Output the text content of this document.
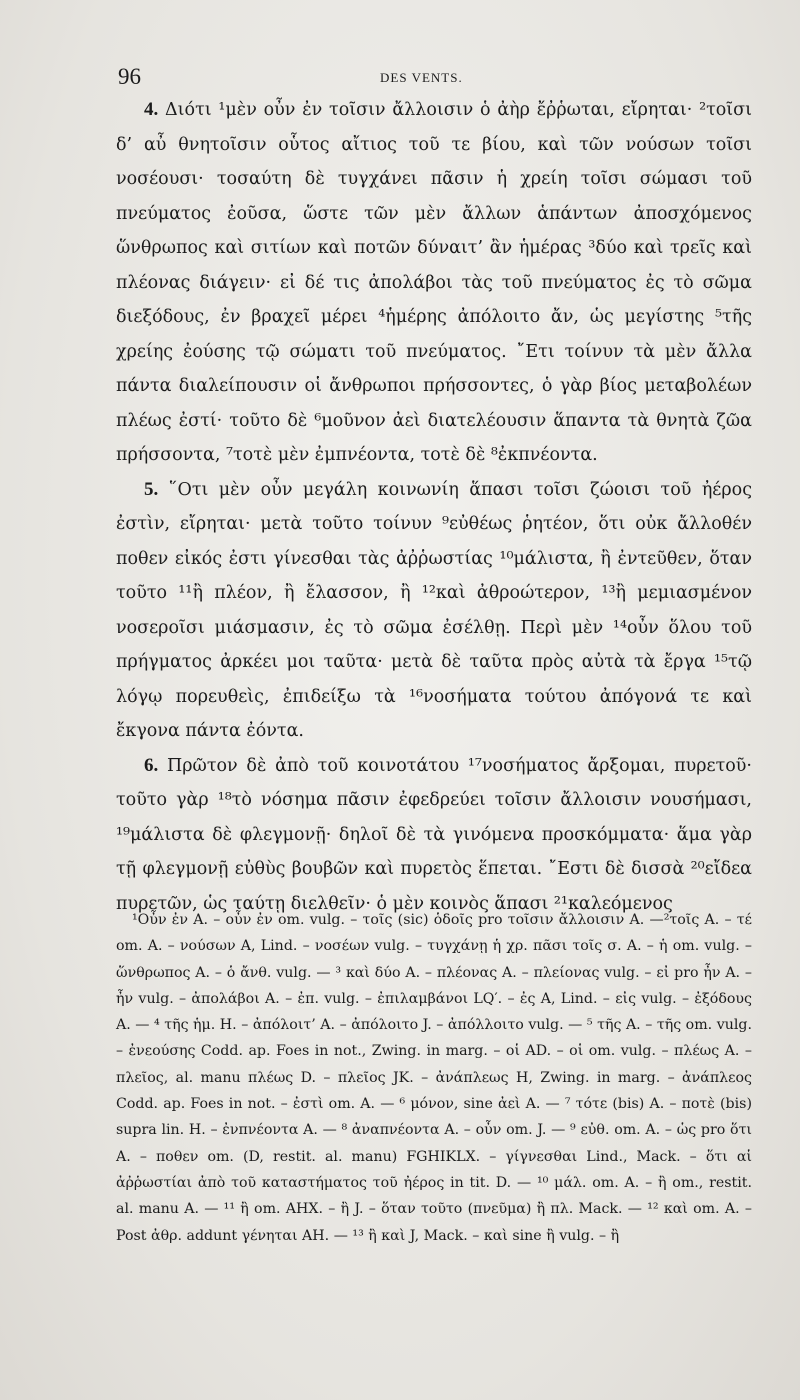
96	DES VENTS.

4. Διότι ¹μὲν οὖν ἐν τοῖσιν ἄλλοισιν ὁ ἀὴρ ἔῤῥωται, εἴρηται· ²τοῖσι δ’ αὖ θνητοῖσιν οὗτος αἴτιος τοῦ τε βίου, καὶ τῶν νούσων τοῖσι νοσέουσι· τοσαύτη δὲ τυγχάνει πᾶσιν ἡ χρείη τοῖσι σώμασι τοῦ πνεύματος ἐοῦσα, ὥστε τῶν μὲν ἄλλων ἁπάντων ἀποσχόμενος ὥνθρωπος καὶ σιτίων καὶ ποτῶν δύναιτ’ ἂν ἡμέρας ³δύο καὶ τρεῖς καὶ πλέονας διάγειν· εἰ δέ τις ἀπολάβοι τὰς τοῦ πνεύματος ἐς τὸ σῶμα διεξόδους, ἐν βραχεῖ μέρει ⁴ἡμέρης ἀπόλοιτο ἄν, ὡς μεγίστης ⁵τῆς χρείης ἐούσης τῷ σώματι τοῦ πνεύματος. ῎Ετι τοίνυν τὰ μὲν ἄλλα πάντα διαλείπουσιν οἱ ἄνθρωποι πρήσσοντες, ὁ γὰρ βίος μεταβολέων πλέως ἐστί· τοῦτο δὲ ⁶μοῦνον ἀεὶ διατελέουσιν ἅπαντα τὰ θνητὰ ζῶα πρήσσοντα, ⁷τοτὲ μὲν ἐμπνέοντα, τοτὲ δὲ ⁸ἐκπνέοντα.

5. ῞Οτι μὲν οὖν μεγάλη κοινωνίη ἅπασι τοῖσι ζώοισι τοῦ ἠέρος ἐστὶν, εἴρηται· μετὰ τοῦτο τοίνυν ⁹εὐθέως ῥητέον, ὅτι οὐκ ἄλλοθέν ποθεν εἰκός ἐστι γίνεσθαι τὰς ἀῤῥωστίας ¹⁰μάλιστα, ἢ ἐντεῦθεν, ὅταν τοῦτο ¹¹ἢ πλέον, ἢ ἔλασσον, ἢ ¹²καὶ ἀθροώτερον, ¹³ἢ μεμιασμένον νοσεροῖσι μιάσμασιν, ἐς τὸ σῶμα ἐσέλθῃ. Περὶ μὲν ¹⁴οὖν ὅλου τοῦ πρήγματος ἀρκέει μοι ταῦτα· μετὰ δὲ ταῦτα πρὸς αὐτὰ τὰ ἔργα ¹⁵τῷ λόγῳ πορευθεὶς, ἐπιδείξω τὰ ¹⁶νοσήματα τούτου ἀπόγονά τε καὶ ἔκγονα πάντα ἐόντα.

6. Πρῶτον δὲ ἀπὸ τοῦ κοινοτάτου ¹⁷νοσήματος ἄρξομαι, πυρετοῦ· τοῦτο γὰρ ¹⁸τὸ νόσημα πᾶσιν ἐφεδρεύει τοῖσιν ἄλλοισιν νουσήμασι, ¹⁹μάλιστα δὲ φλεγμονῇ· δηλοῖ δὲ τὰ γινόμενα προσκόμματα· ἅμα γὰρ τῇ φλεγμονῇ εὐθὺς βουβῶν καὶ πυρετὸς ἕπεται. ῎Εστι δὲ δισσὰ ²⁰εἴδεα πυρετῶν, ὡς ταύτῃ διελθεῖν· ὁ μὲν κοινὸς ἅπασι ²¹καλεόμενος

¹Οὖν ἐν A. – οὖν ἐν om. vulg. – τοῖς (sic) ὁδοῖς pro τοῖσιν ἄλλοισιν A. —²τοῖς A. – τέ om. A. – νούσων A, Lind. – νοσέων vulg. – τυγχάνῃ ἡ χρ. πᾶσι τοῖς σ. A. – ἡ om. vulg. – ὥνθρωπος A. – ὁ ἄνθ. vulg. — ³ καὶ δύο A. – πλέονας A. – πλείονας vulg. – εἰ pro ἦν A. – ἦν vulg. – ἀπολάβοι A. – ἐπ. vulg. – ἐπιλαμβάνοι LQ′. – ἐς A, Lind. – εἰς vulg. – ἐξόδους A. — ⁴ τῆς ἡμ. H. – ἀπόλοιτ’ A. – ἀπόλοιτο J. – ἀπόλλοιτο vulg. — ⁵ τῆς A. – τῆς om. vulg. – ἐνεούσης Codd. ap. Foes in not., Zwing. in marg. – οἱ AD. – οἱ om. vulg. – πλέως A. – πλεῖος, al. manu πλέως D. – πλεῖος JK. – ἀνάπλεως H, Zwing. in marg. – ἀνάπλεος Codd. ap. Foes in not. – ἐστὶ om. A. — ⁶ μόνον, sine ἀεὶ A. — ⁷ τότε (bis) A. – ποτὲ (bis) supra lin. H. – ἐνπνέοντα A. — ⁸ ἀναπνέοντα A. – οὖν om. J. — ⁹ εὐθ. om. A. – ὡς pro ὅτι A. – ποθεν om. (D, restit. al. manu) FGHIKLX. – γίγνεσθαι Lind., Mack. – ὅτι αἱ ἀῤῥωστίαι ἀπὸ τοῦ καταστήματος τοῦ ἠέρος in tit. D. — ¹⁰ μάλ. om. A. – ἢ om., restit. al. manu A. — ¹¹ ἢ om. AHX. – ἢ J. – ὅταν τοῦτο (πνεῦμα) ἢ πλ. Mack. — ¹² καὶ om. A. – Post ἀθρ. addunt γένηται AH. — ¹³ ἢ καὶ J, Mack. – καὶ sine ἢ vulg. – ἢ
